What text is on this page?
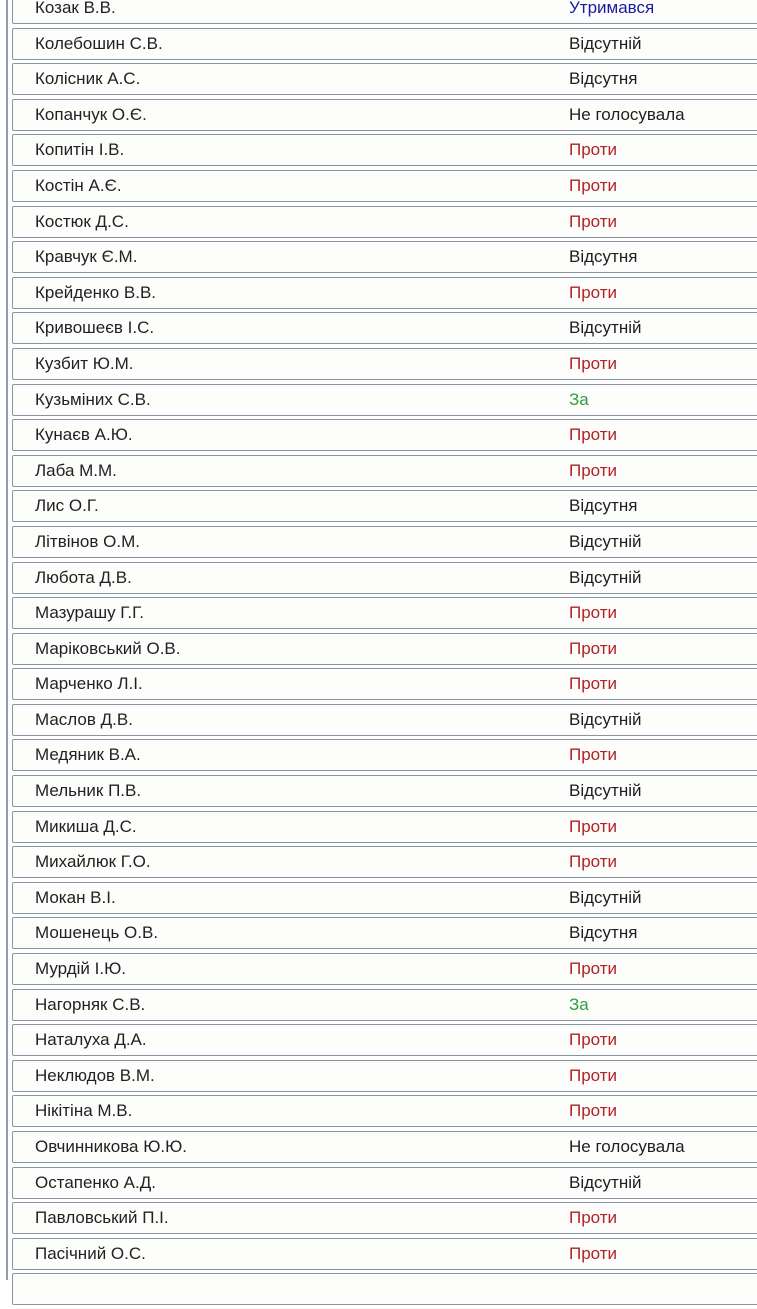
Козак В.В.	Утримався
Колебошин С.В.	Відсутній
Колісник А.С.	Відсутня
Копанчук О.Є.	Не голосувала
Копитін І.В.	Проти
Костін А.Є.	Проти
Костюк Д.С.	Проти
Кравчук Є.М.	Відсутня
Крейденко В.В.	Проти
Кривошеєв І.С.	Відсутній
Кузбит Ю.М.	Проти
Кузьміних С.В.	За
Кунаєв А.Ю.	Проти
Лаба М.М.	Проти
Лис О.Г.	Відсутня
Літвінов О.М.	Відсутній
Любота Д.В.	Відсутній
Мазурашу Г.Г.	Проти
Маріковський О.В.	Проти
Марченко Л.І.	Проти
Маслов Д.В.	Відсутній
Медяник В.А.	Проти
Мельник П.В.	Відсутній
Микиша Д.С.	Проти
Михайлюк Г.О.	Проти
Мокан В.І.	Відсутній
Мошенець О.В.	Відсутня
Мурдій І.Ю.	Проти
Нагорняк С.В.	За
Наталуха Д.А.	Проти
Неклюдов В.М.	Проти
Нікітіна М.В.	Проти
Овчинникова Ю.Ю.	Не голосувала
Остапенко А.Д.	Відсутній
Павловський П.І.	Проти
Пасічний О.С.	Проти
